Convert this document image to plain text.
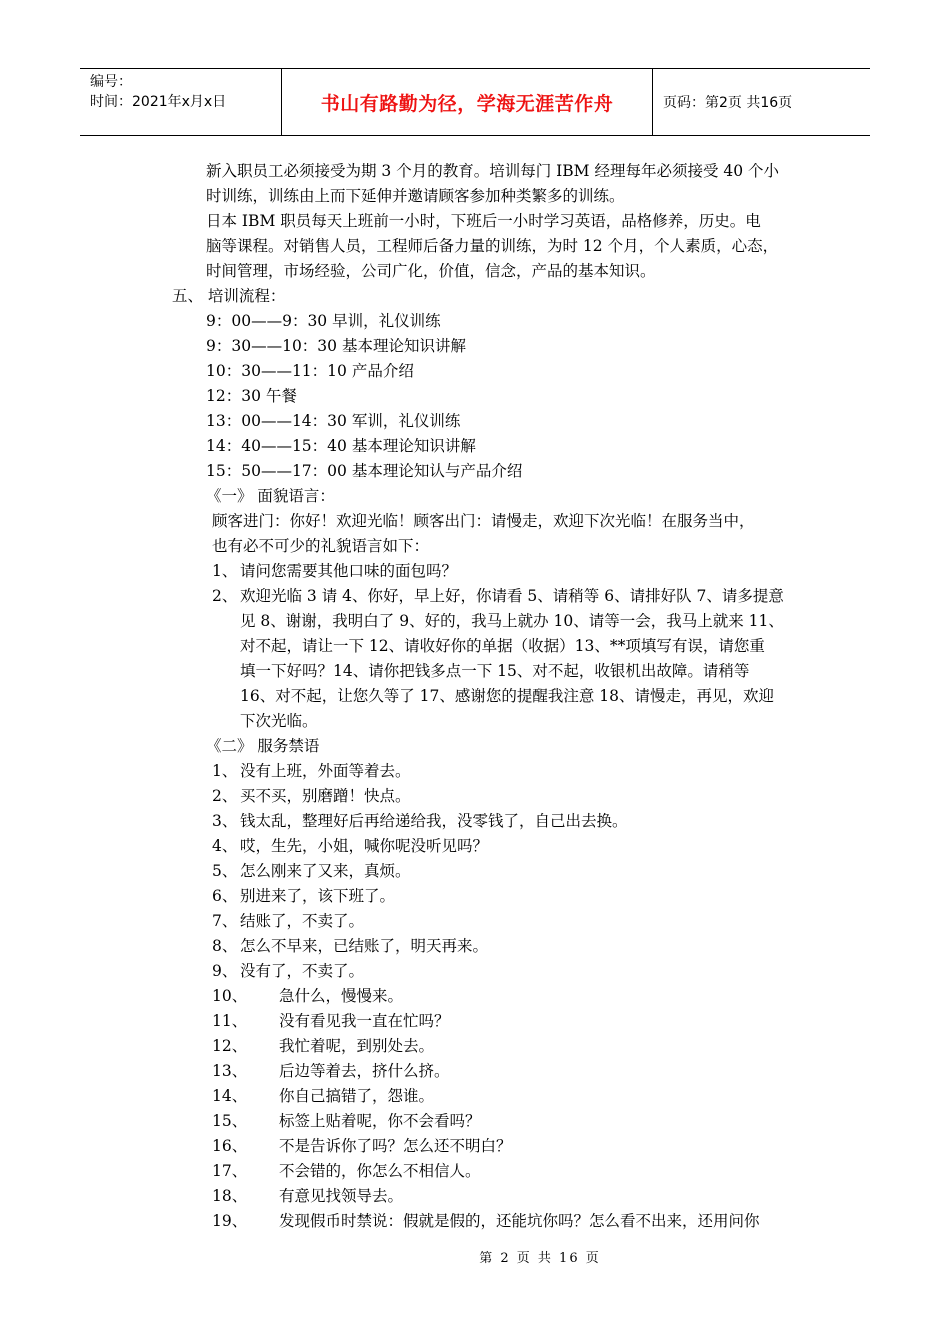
编号：
时间：2021年x月x日	书山有路勤为径，学海无涯苦作舟	页码：第2页 共16页
新入职员工必须接受为期 3 个月的教育。培训每门 IBM 经理每年必须接受 40 个小
时训练，训练由上而下延伸并邀请顾客参加种类繁多的训练。
日本 IBM 职员每天上班前一小时，下班后一小时学习英语，品格修养，历史。电
脑等课程。对销售人员，工程师后备力量的训练，为时 12 个月，个人素质，心态，
时间管理，市场经验，公司广化，价值，信念，产品的基本知识。
五、 培训流程：
9：00——9：30 早训，礼仪训练
9：30——10：30 基本理论知识讲解
10：30——11：10 产品介绍
12：30 午餐
13：00——14：30 军训，礼仪训练
14：40——15：40 基本理论知识讲解
15：50——17：00 基本理论知认与产品介绍
《一》 面貌语言：
顾客进门：你好！欢迎光临！顾客出门：请慢走，欢迎下次光临！在服务当中，
也有必不可少的礼貌语言如下：
1、 请问您需要其他口味的面包吗？
2、 欢迎光临 3 请 4、你好，早上好，你请看 5、请稍等 6、请排好队 7、请多提意
见 8、谢谢，我明白了 9、好的，我马上就办 10、请等一会，我马上就来 11、
对不起，请让一下 12、请收好你的单据（收据）13、**项填写有误，请您重
填一下好吗？14、请你把钱多点一下 15、对不起，收银机出故障。请稍等
16、对不起，让您久等了 17、感谢您的提醒我注意 18、请慢走，再见，欢迎
下次光临。
《二》 服务禁语
1、 没有上班，外面等着去。
2、 买不买，别磨蹭！快点。
3、 钱太乱，整理好后再给递给我，没零钱了，自己出去换。
4、 哎，生先，小姐，喊你呢没听见吗？
5、 怎么刚来了又来，真烦。
6、 别进来了，该下班了。
7、 结账了，不卖了。
8、 怎么不早来，已结账了，明天再来。
9、 没有了，不卖了。
10、 急什么，慢慢来。
11、 没有看见我一直在忙吗？
12、 我忙着呢，到别处去。
13、 后边等着去，挤什么挤。
14、 你自己搞错了，怨谁。
15、 标签上贴着呢，你不会看吗？
16、 不是告诉你了吗？怎么还不明白？
17、 不会错的，你怎么不相信人。
18、 有意见找领导去。
19、 发现假币时禁说：假就是假的，还能坑你吗？怎么看不出来，还用问你
第 2 页 共 16 页
